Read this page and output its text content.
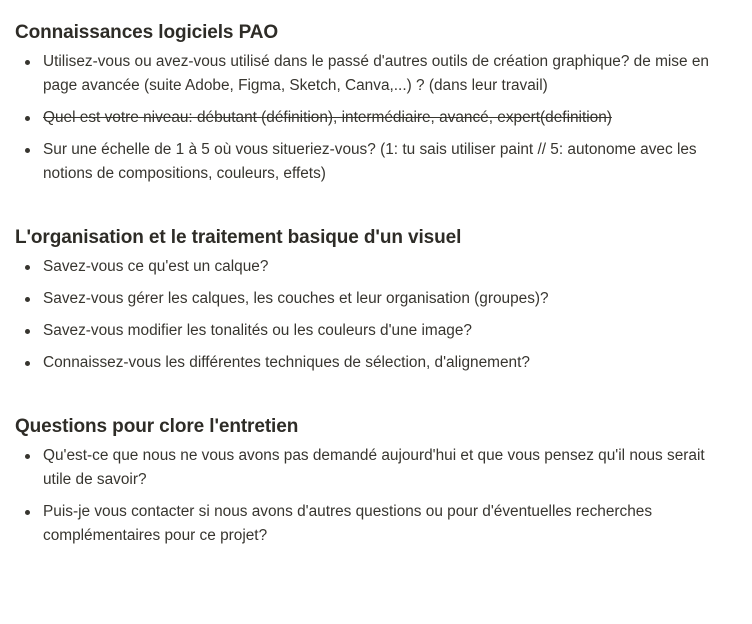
Connaissances logiciels PAO
Utilisez-vous ou avez-vous utilisé dans le passé d'autres outils de création graphique? de mise en page avancée (suite Adobe, Figma, Sketch, Canva,...) ? (dans leur travail)
Quel est votre niveau: débutant (définition), intermédiaire, avancé, expert(definition)
Sur une échelle de 1 à 5 où vous situeriez-vous? (1: tu sais utiliser paint // 5: autonome avec les notions de compositions, couleurs, effets)
L'organisation et le traitement basique d'un visuel
Savez-vous ce qu'est un calque?
Savez-vous gérer les calques, les couches et leur organisation (groupes)?
Savez-vous modifier les tonalités ou les couleurs d'une image?
Connaissez-vous les différentes techniques de sélection, d'alignement?
Questions pour clore l'entretien
Qu'est-ce que nous ne vous avons pas demandé aujourd'hui et que vous pensez qu'il nous serait utile de savoir?
Puis-je vous contacter si nous avons d'autres questions ou pour d'éventuelles recherches complémentaires pour ce projet?
